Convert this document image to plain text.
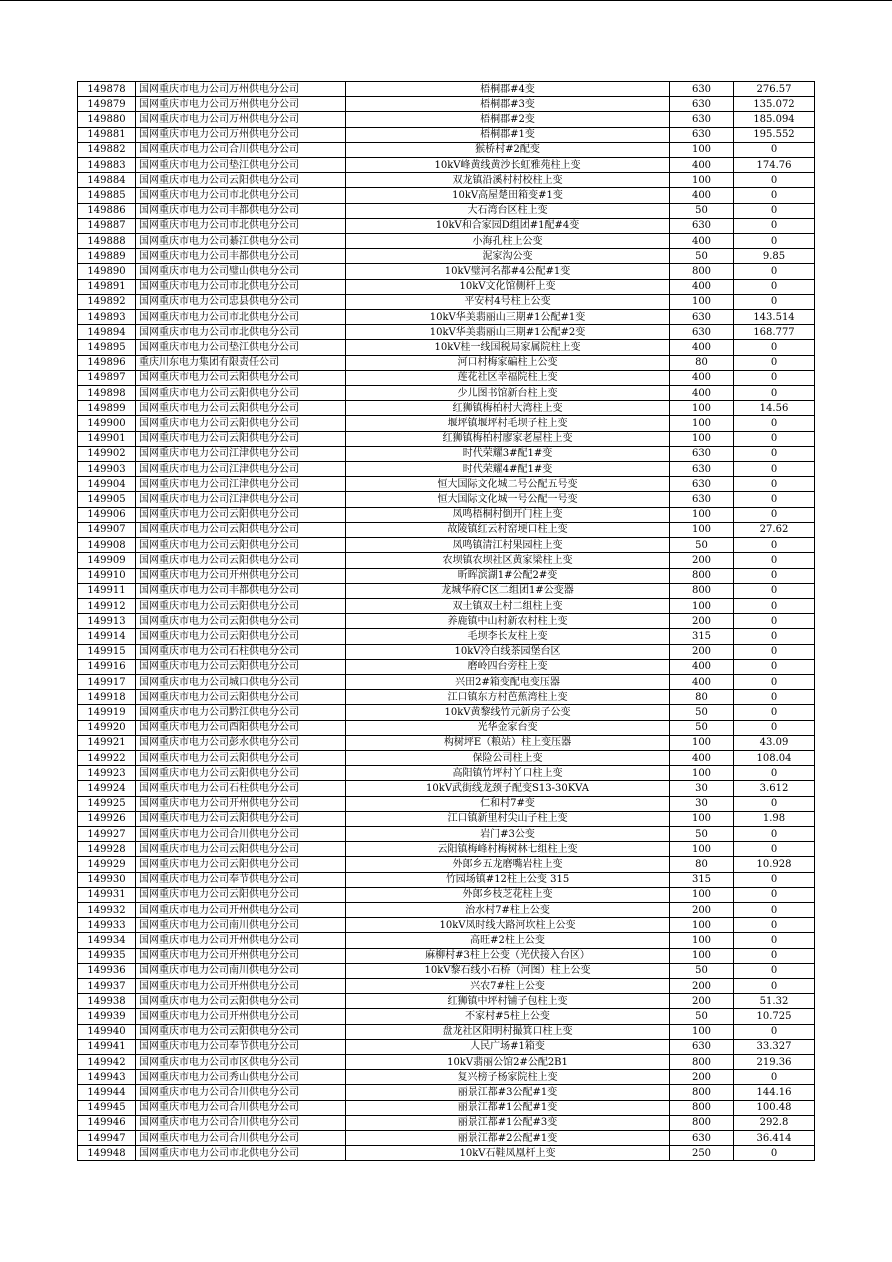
149878	国网重庆市电力公司万州供电分公司	梧桐郡#4变	630	276.57
149879	国网重庆市电力公司万州供电分公司	梧桐郡#3变	630	135.072
149880	国网重庆市电力公司万州供电分公司	梧桐郡#2变	630	185.094
149881	国网重庆市电力公司万州供电分公司	梧桐郡#1变	630	195.552
149882	国网重庆市电力公司合川供电分公司	猴桥村#2配变	100	0
149883	国网重庆市电力公司垫江供电分公司	10kV峰黄线黄沙长虹雅苑柱上变	400	174.76
149884	国网重庆市电力公司云阳供电分公司	双龙镇沿溪村村校柱上变	100	0
149885	国网重庆市电力公司市北供电分公司	10kV高屋楚田箱变#1变	400	0
149886	国网重庆市电力公司丰都供电分公司	大石湾台区柱上变	50	0
149887	国网重庆市电力公司市北供电分公司	10kV和合家园D组团#1配#4变	630	0
149888	国网重庆市电力公司綦江供电分公司	小海孔柱上公变	400	0
149889	国网重庆市电力公司丰都供电分公司	泥家沟公变	50	9.85
149890	国网重庆市电力公司璧山供电分公司	10kV璧河名都#4公配#1变	800	0
149891	国网重庆市电力公司市北供电分公司	10kV文化馆侧杆上变	400	0
149892	国网重庆市电力公司忠县供电分公司	平安村4号柱上公变	100	0
149893	国网重庆市电力公司市北供电分公司	10kV华美翡丽山三期#1公配#1变	630	143.514
149894	国网重庆市电力公司市北供电分公司	10kV华美翡丽山三期#1公配#2变	630	168.777
149895	国网重庆市电力公司垫江供电分公司	10kV桂一线国税局家属院柱上变	400	0
149896	重庆川东电力集团有限责任公司	河口村梅家碥柱上公变	80	0
149897	国网重庆市电力公司云阳供电分公司	莲花社区幸福院柱上变	400	0
149898	国网重庆市电力公司云阳供电分公司	少儿图书馆新台柱上变	400	0
149899	国网重庆市电力公司云阳供电分公司	红狮镇梅柏村大湾柱上变	100	14.56
149900	国网重庆市电力公司云阳供电分公司	堰坪镇堰坪村毛坝子柱上变	100	0
149901	国网重庆市电力公司云阳供电分公司	红狮镇梅柏村廖家老屋柱上变	100	0
149902	国网重庆市电力公司江津供电分公司	时代荣耀3#配1#变	630	0
149903	国网重庆市电力公司江津供电分公司	时代荣耀4#配1#变	630	0
149904	国网重庆市电力公司江津供电分公司	恒大国际文化城二号公配五号变	630	0
149905	国网重庆市电力公司江津供电分公司	恒大国际文化城一号公配一号变	630	0
149906	国网重庆市电力公司云阳供电分公司	凤鸣梧桐村倒开门柱上变	100	0
149907	国网重庆市电力公司云阳供电分公司	故陵镇红云村窑埂口柱上变	100	27.62
149908	国网重庆市电力公司云阳供电分公司	凤鸣镇清江村果园柱上变	50	0
149909	国网重庆市电力公司云阳供电分公司	农坝镇农坝社区黄家梁柱上变	200	0
149910	国网重庆市电力公司开州供电分公司	昕晖滨湖1#公配2#变	800	0
149911	国网重庆市电力公司丰都供电分公司	龙城华府C区二组团1#公变器	800	0
149912	国网重庆市电力公司云阳供电分公司	双土镇双土村二组柱上变	100	0
149913	国网重庆市电力公司云阳供电分公司	养鹿镇中山村新农村柱上变	200	0
149914	国网重庆市电力公司云阳供电分公司	毛坝李长友柱上变	315	0
149915	国网重庆市电力公司石柱供电分公司	10kV冷白线茶园堡台区	200	0
149916	国网重庆市电力公司云阳供电分公司	磨岭四台旁柱上变	400	0
149917	国网重庆市电力公司城口供电分公司	兴田2#箱变配电变压器	400	0
149918	国网重庆市电力公司云阳供电分公司	江口镇东方村芭蕉湾柱上变	80	0
149919	国网重庆市电力公司黔江供电分公司	10kV黄黎线竹元新房子公变	50	0
149920	国网重庆市电力公司酉阳供电分公司	光华金家台变	50	0
149921	国网重庆市电力公司彭水供电分公司	构树坪E（粮站）柱上变压器	100	43.09
149922	国网重庆市电力公司云阳供电分公司	保险公司柱上变	400	108.04
149923	国网重庆市电力公司云阳供电分公司	高阳镇竹坪村丫口柱上变	100	0
149924	国网重庆市电力公司石柱供电分公司	10kV武街线龙颈子配变S13-30KVA	30	3.612
149925	国网重庆市电力公司开州供电分公司	仁和村7#变	30	0
149926	国网重庆市电力公司云阳供电分公司	江口镇新里村尖山子柱上变	100	1.98
149927	国网重庆市电力公司合川供电分公司	岩门#3公变	50	0
149928	国网重庆市电力公司云阳供电分公司	云阳镇梅峰村梅树林七组柱上变	100	0
149929	国网重庆市电力公司云阳供电分公司	外郎乡五龙磨嘴岩柱上变	80	10.928
149930	国网重庆市电力公司奉节供电分公司	竹园场镇#12柱上公变 315	315	0
149931	国网重庆市电力公司云阳供电分公司	外郎乡枝芝花柱上变	100	0
149932	国网重庆市电力公司开州供电分公司	治水村7#柱上公变	200	0
149933	国网重庆市电力公司南川供电分公司	10kV凤时线大路河坎柱上公变	100	0
149934	国网重庆市电力公司开州供电分公司	高旺#2柱上公变	100	0
149935	国网重庆市电力公司开州供电分公司	麻柳村#3柱上公变（光伏接入台区）	100	0
149936	国网重庆市电力公司南川供电分公司	10kV黎石线小石桥（河图）柱上公变	50	0
149937	国网重庆市电力公司开州供电分公司	兴农7#柱上公变	200	0
149938	国网重庆市电力公司云阳供电分公司	红狮镇中坪村铺子包柱上变	200	51.32
149939	国网重庆市电力公司开州供电分公司	不家村#5柱上公变	50	10.725
149940	国网重庆市电力公司云阳供电分公司	盘龙社区阳明村撮箕口柱上变	100	0
149941	国网重庆市电力公司奉节供电分公司	人民广场#1箱变	630	33.327
149942	国网重庆市电力公司市区供电分公司	10kV翡丽公馆2#公配2B1	800	219.36
149943	国网重庆市电力公司秀山供电分公司	复兴榜子杨家院柱上变	200	0
149944	国网重庆市电力公司合川供电分公司	丽景江都#3公配#1变	800	144.16
149945	国网重庆市电力公司合川供电分公司	丽景江都#1公配#1变	800	100.48
149946	国网重庆市电力公司合川供电分公司	丽景江都#1公配#3变	800	292.8
149947	国网重庆市电力公司合川供电分公司	丽景江都#2公配#1变	630	36.414
149948	国网重庆市电力公司市北供电分公司	10kV石鞋凤凰杆上变	250	0
